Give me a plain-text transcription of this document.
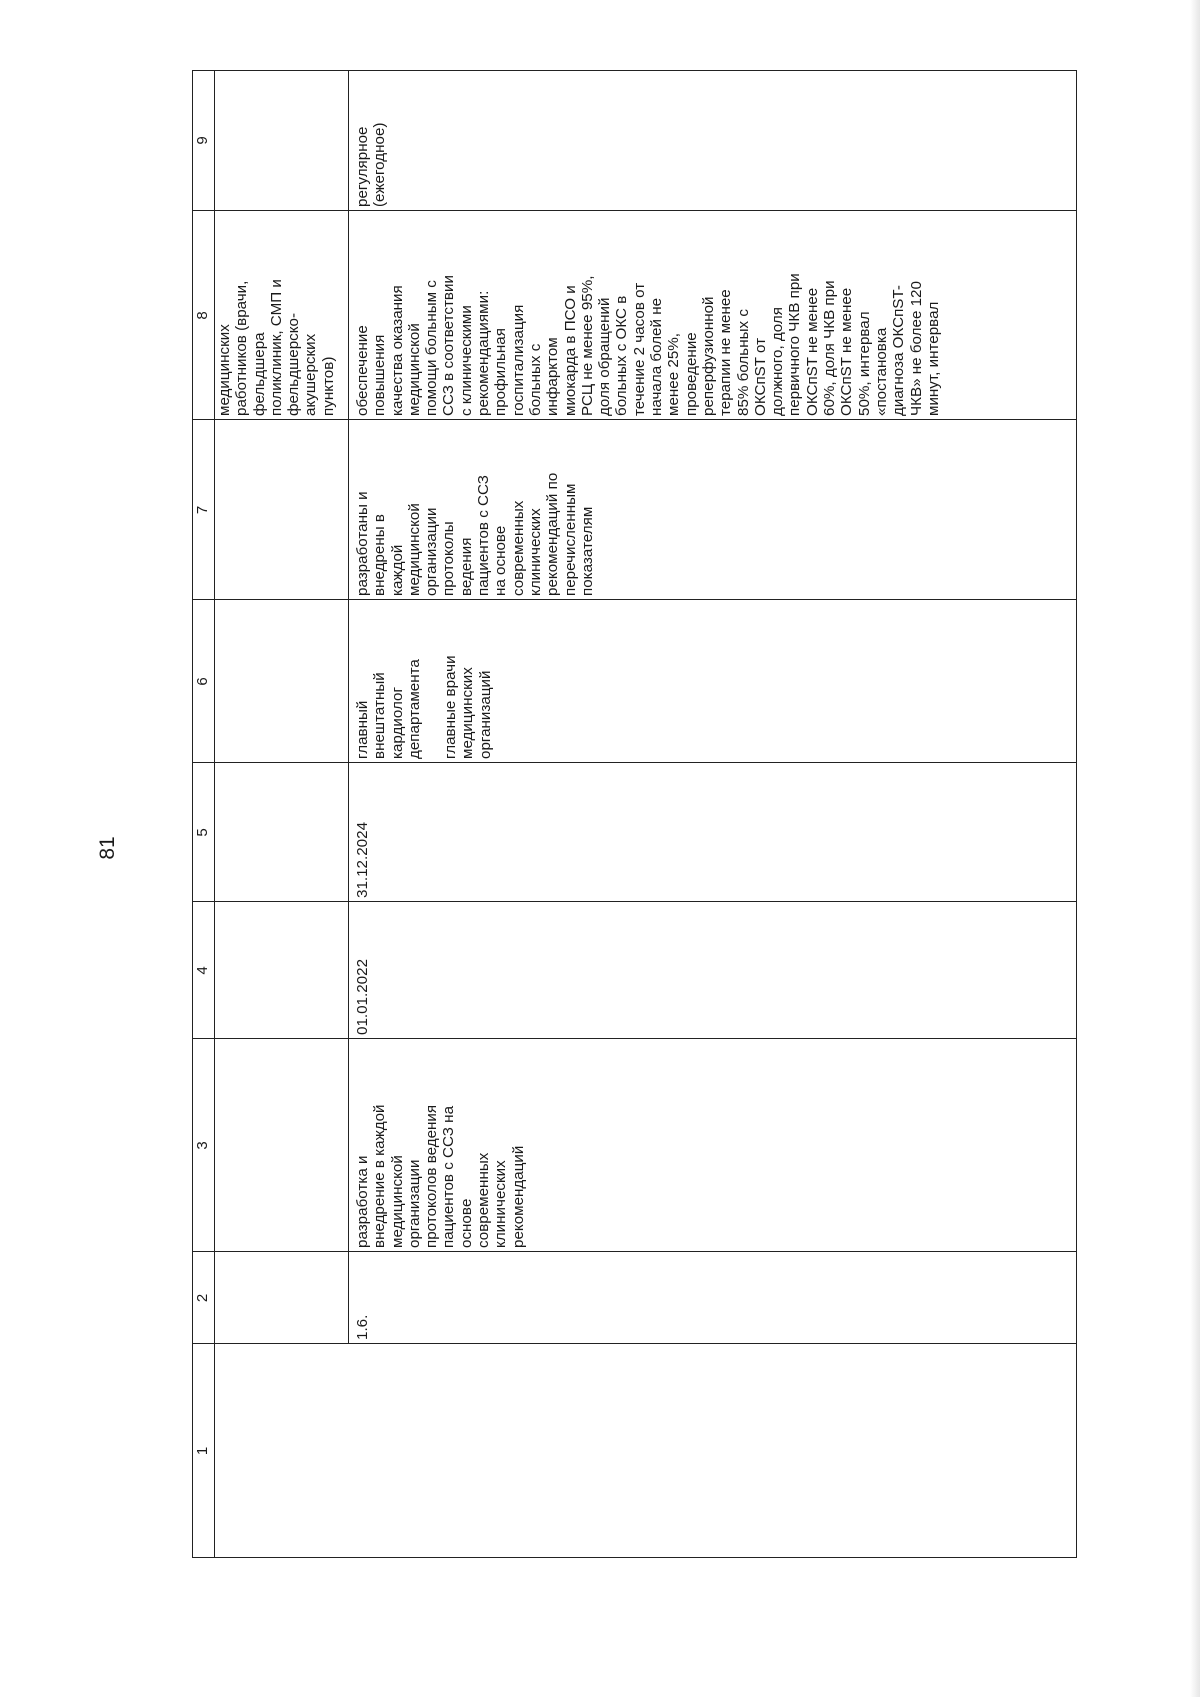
81
1
2
3
4
5
6
7
8
9
медицинских
работников (врачи,
фельдшера
поликлиник, СМП и
фельдшерско-
акушерских
пунктов)
1.6.
разработка и
внедрение в каждой
медицинской
организации
протоколов ведения
пациентов с ССЗ на
основe
современных
клинических
рекомендаций
01.01.2022
31.12.2024
главный
внештатный
кардиолог
департамента главные врачи
медицинских
организаций
разработаны и
внедрены в
каждой
медицинской
организации
протоколы
ведения
пациентов с ССЗ
на основе
современных
клинических
рекомендаций по
перечисленным
показателям
обеспечение
повышения
качества оказания
медицинской
помощи больным с
ССЗ в соответствии
с клиническими
рекомендациями:
профильная
госпитализация
больных с
инфарктом
миокарда в ПСО и
РСЦ не менее 95%,
доля обращений
больных с ОКС в
течение 2 часов от
начала болей не
менее 25%,
проведение
реперфузионной
терапии не менее
85% больных с
ОКСпST от
должного, доля
первичного ЧКВ при
ОКСпST не менее
60%, доля ЧКВ при
ОКСпST не менее
50%, интервал
«постановка
диагноза ОКСпST-
ЧКВ» не более 120
минут, интервал
регулярное
(ежегодное)
